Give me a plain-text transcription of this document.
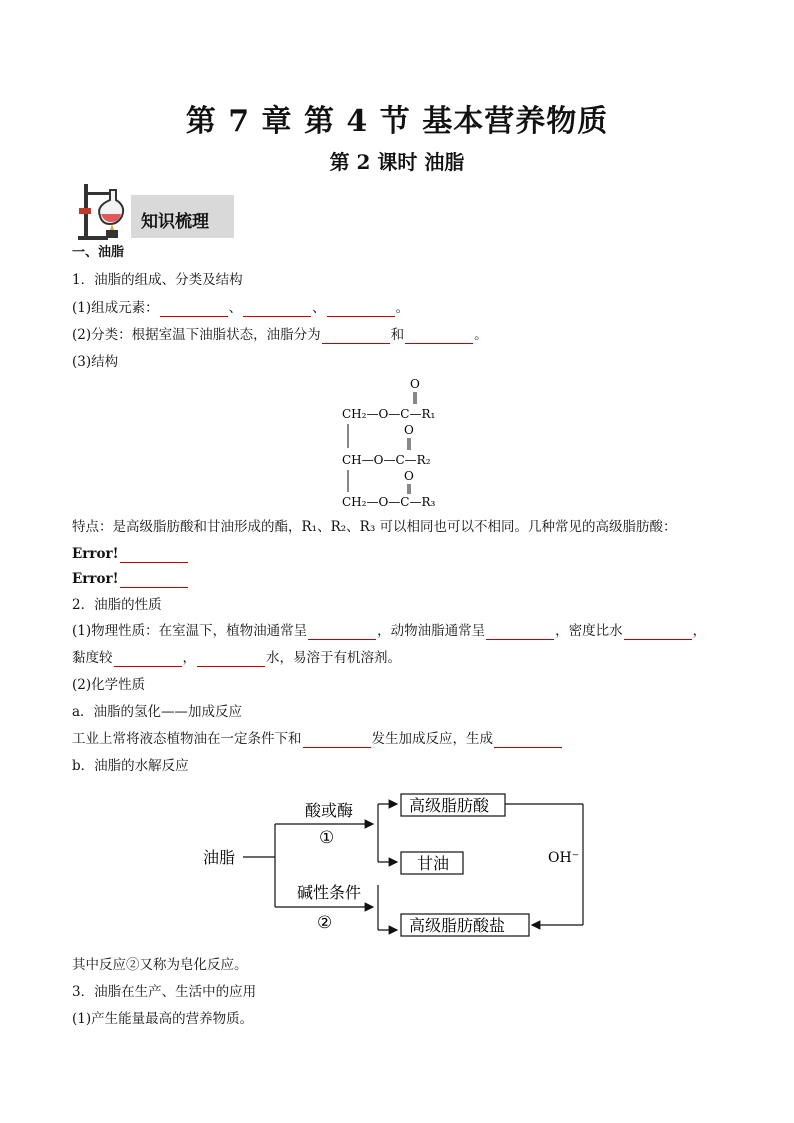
第 7 章 第 4 节 基本营养物质
第 2 课时 油脂
知识梳理
一、油脂
1．油脂的组成、分类及结构
(1)组成元素：	、	、	。
(2)分类：根据室温下油脂状态，油脂分为	和	。
(3)结构
O
CH₂—O—C—R₁
O
CH—O—C—R₂
O
CH₂—O—C—R₃
特点：是高级脂肪酸和甘油形成的酯，R₁、R₂、R₃ 可以相同也可以不相同。几种常见的高级脂肪酸：
Error!
Error!
2．油脂的性质
(1)物理性质：在室温下，植物油通常呈	，动物油脂通常呈	，密度比水	，
黏度较	，	水，易溶于有机溶剂。
(2)化学性质
a．油脂的氢化——加成反应
工业上常将液态植物油在一定条件下和	发生加成反应，生成
b．油脂的水解反应
油脂
酸或酶
①
碱性条件
②
高级脂肪酸
甘油
高级脂肪酸盐
OH⁻
其中反应②又称为皂化反应。
3．油脂在生产、生活中的应用
(1)产生能量最高的营养物质。
